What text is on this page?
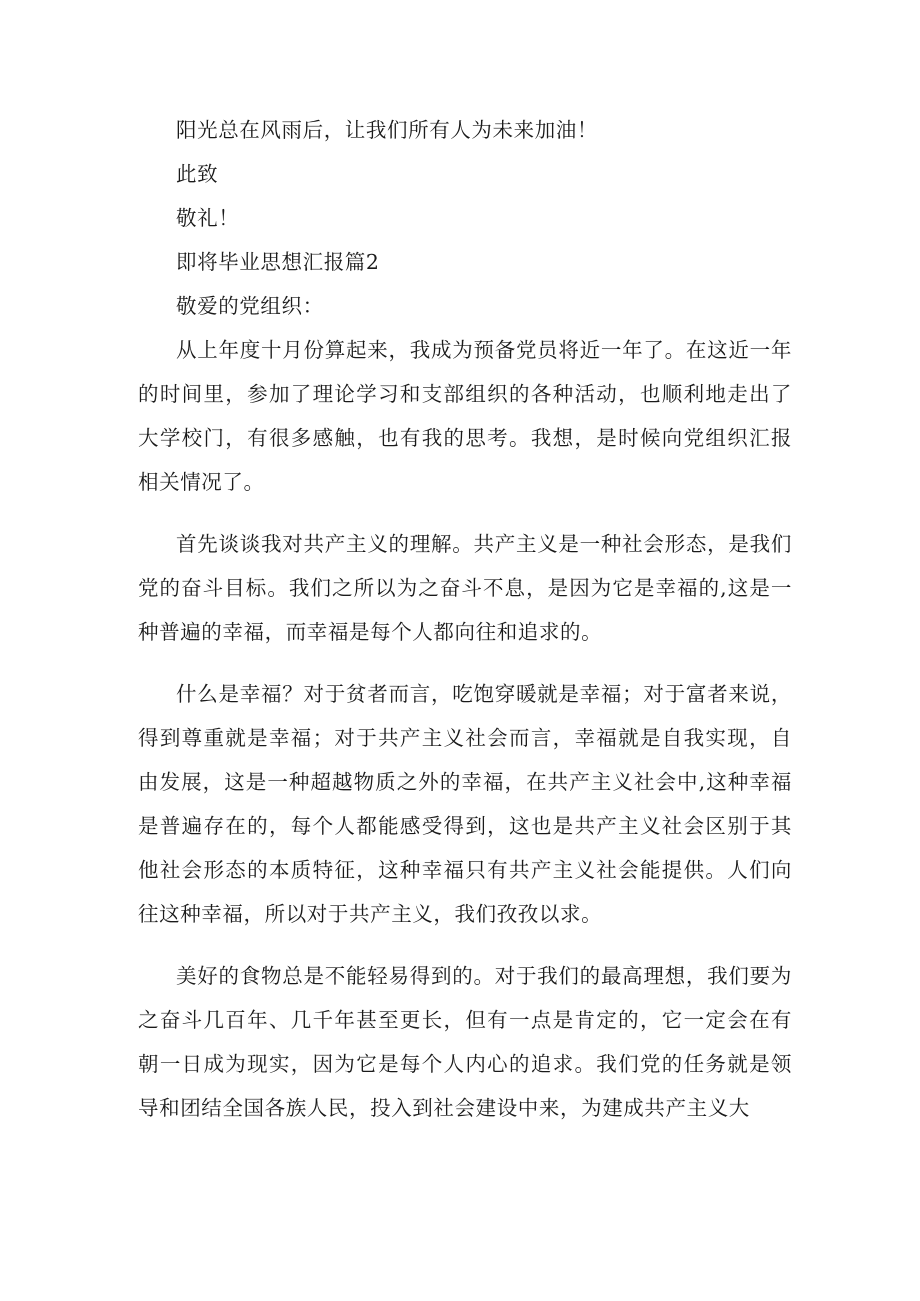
阳光总在风雨后，让我们所有人为未来加油！

此致

敬礼！

即将毕业思想汇报篇2

敬爱的党组织：

从上年度十月份算起来，我成为预备党员将近一年了。在这近一年的时间里，参加了理论学习和支部组织的各种活动，也顺利地走出了大学校门，有很多感触，也有我的思考。我想，是时候向党组织汇报相关情况了。

首先谈谈我对共产主义的理解。共产主义是一种社会形态，是我们党的奋斗目标。我们之所以为之奋斗不息，是因为它是幸福的,这是一种普遍的幸福，而幸福是每个人都向往和追求的。

什么是幸福？对于贫者而言，吃饱穿暖就是幸福；对于富者来说，得到尊重就是幸福；对于共产主义社会而言，幸福就是自我实现，自由发展，这是一种超越物质之外的幸福，在共产主义社会中,这种幸福是普遍存在的，每个人都能感受得到，这也是共产主义社会区别于其他社会形态的本质特征，这种幸福只有共产主义社会能提供。人们向往这种幸福，所以对于共产主义，我们孜孜以求。

美好的食物总是不能轻易得到的。对于我们的最高理想，我们要为之奋斗几百年、几千年甚至更长，但有一点是肯定的，它一定会在有朝一日成为现实，因为它是每个人内心的追求。我们党的任务就是领导和团结全国各族人民，投入到社会建设中来，为建成共产主义大
